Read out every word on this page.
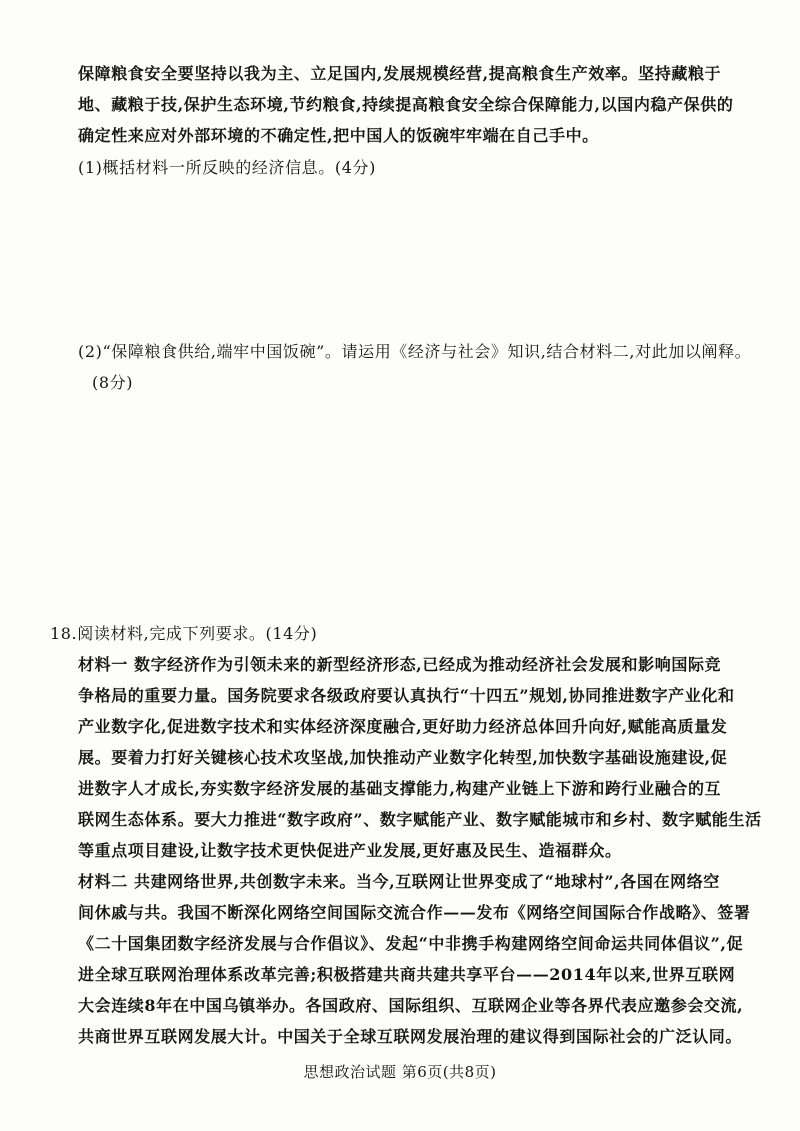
保障粮食安全要坚持以我为主、立足国内,发展规模经营,提高粮食生产效率。坚持藏粮于
地、藏粮于技,保护生态环境,节约粮食,持续提高粮食安全综合保障能力,以国内稳产保供的
确定性来应对外部环境的不确定性,把中国人的饭碗牢牢端在自己手中。
(1)概括材料一所反映的经济信息。(4分)
(2)“保障粮食供给,端牢中国饭碗”。请运用《经济与社会》知识,结合材料二,对此加以阐释。
(8分)
18.阅读材料,完成下列要求。(14分)
材料一 数字经济作为引领未来的新型经济形态,已经成为推动经济社会发展和影响国际竞
争格局的重要力量。国务院要求各级政府要认真执行“十四五”规划,协同推进数字产业化和
产业数字化,促进数字技术和实体经济深度融合,更好助力经济总体回升向好,赋能高质量发
展。要着力打好关键核心技术攻坚战,加快推动产业数字化转型,加快数字基础设施建设,促
进数字人才成长,夯实数字经济发展的基础支撑能力,构建产业链上下游和跨行业融合的互
联网生态体系。要大力推进“数字政府”、数字赋能产业、数字赋能城市和乡村、数字赋能生活
等重点项目建设,让数字技术更快促进产业发展,更好惠及民生、造福群众。
材料二 共建网络世界,共创数字未来。当今,互联网让世界变成了“地球村”,各国在网络空
间休戚与共。我国不断深化网络空间国际交流合作——发布《网络空间国际合作战略》、签署
《二十国集团数字经济发展与合作倡议》、发起“中非携手构建网络空间命运共同体倡议”,促
进全球互联网治理体系改革完善;积极搭建共商共建共享平台——2014年以来,世界互联网
大会连续8年在中国乌镇举办。各国政府、国际组织、互联网企业等各界代表应邀参会交流,
共商世界互联网发展大计。中国关于全球互联网发展治理的建议得到国际社会的广泛认同。
思想政治试题 第6页(共8页)
